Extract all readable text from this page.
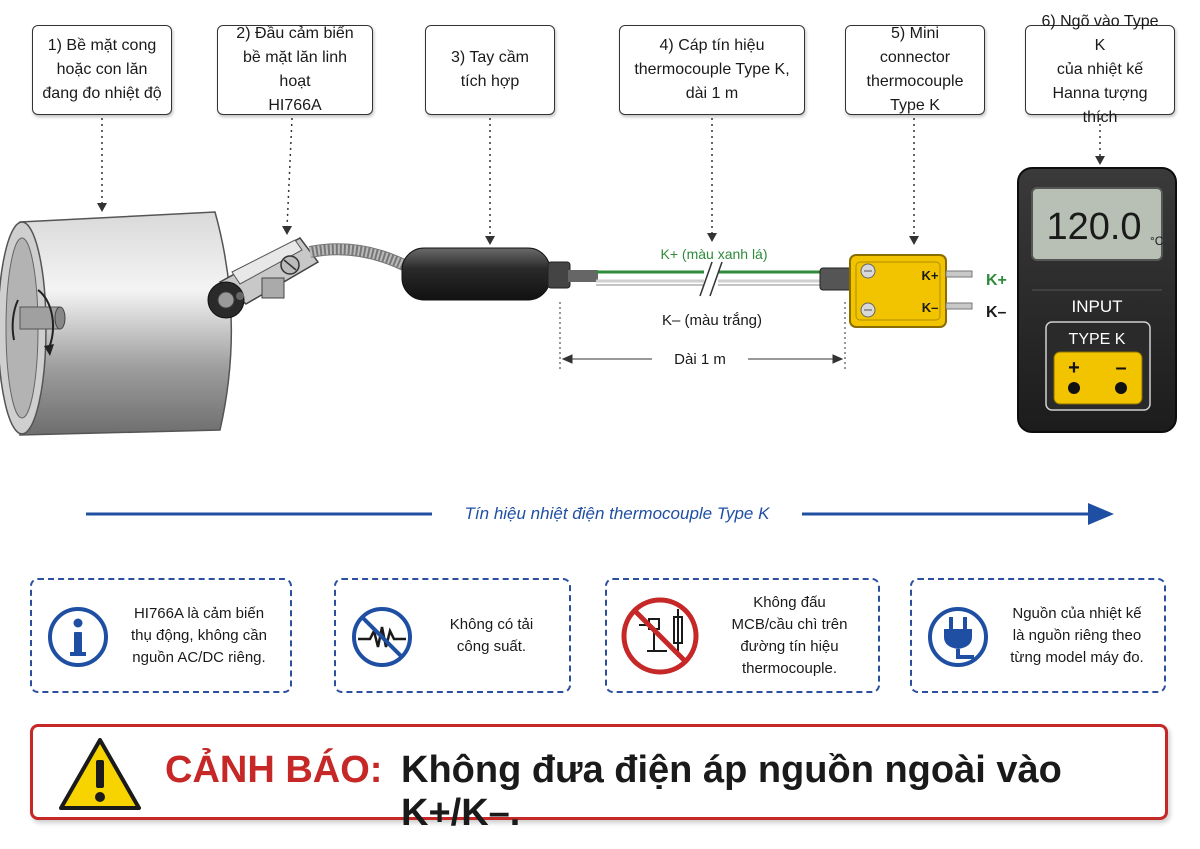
1) Bề mặt cong
hoặc con lăn
đang đo nhiệt độ
2) Đầu cảm biến
bề mặt lăn linh hoạt
HI766A
3) Tay cầm
tích hợp
4) Cáp tín hiệu
thermocouple Type K,
dài 1 m
5) Mini connector
thermocouple
Type K
6) Ngõ vào Type K
của nhiệt kế
Hanna tượng thích
K+ (màu xanh lá)
K– (màu trắng)
Dài 1 m
K+
K–
K+
K–
120.0 °C
INPUT
TYPE K
+ –
Tín hiệu nhiệt điện thermocouple Type K
HI766A là cảm biến
thụ động, không cần
nguồn AC/DC riêng.
Không có tải
công suất.
Không đấu
MCB/cầu chì trên
đường tín hiệu
thermocouple.
Nguồn của nhiệt kế
là nguồn riêng theo
từng model máy đo.
CẢNH BÁO: Không đưa điện áp nguồn ngoài vào K+/K–.
